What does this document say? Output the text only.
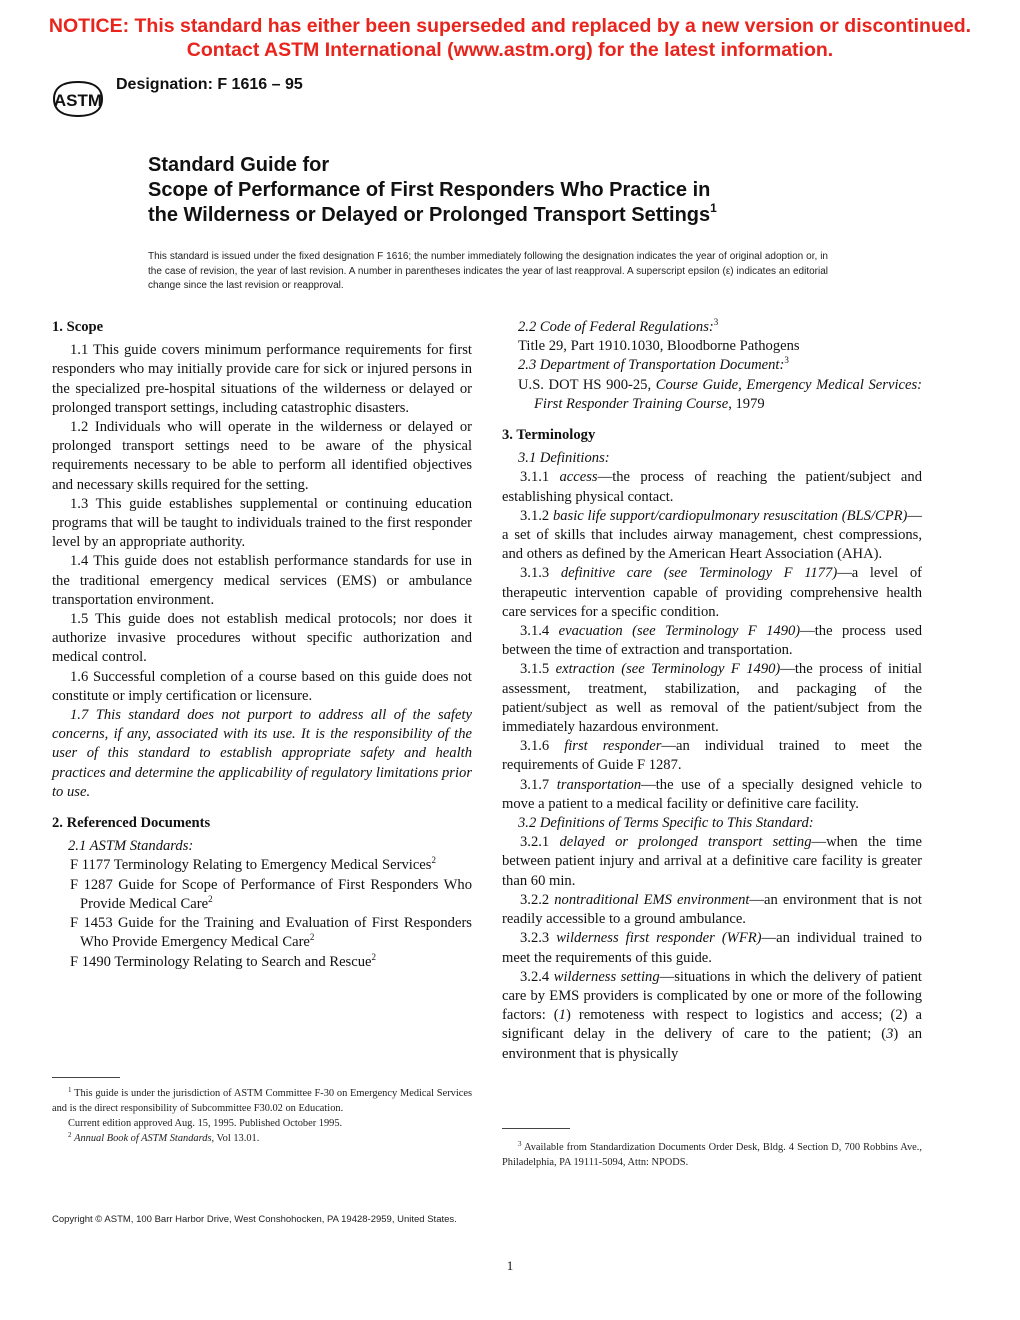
NOTICE: This standard has either been superseded and replaced by a new version or discontinued.
Contact ASTM International (www.astm.org) for the latest information.
ASTM
Designation: F 1616 – 95
Standard Guide for
Scope of Performance of First Responders Who Practice in
the Wilderness or Delayed or Prolonged Transport Settings$^1$
This standard is issued under the fixed designation F 1616; the number immediately following the designation indicates the year of original adoption or, in the case of revision, the year of last revision. A number in parentheses indicates the year of last reapproval. A superscript epsilon (ε) indicates an editorial change since the last revision or reapproval.
1. Scope
1.1 This guide covers minimum performance requirements for first responders who may initially provide care for sick or injured persons in the specialized pre-hospital situations of the wilderness or delayed or prolonged transport settings, including catastrophic disasters.
1.2 Individuals who will operate in the wilderness or delayed or prolonged transport settings need to be aware of the physical requirements necessary to be able to perform all identified objectives and necessary skills required for the setting.
1.3 This guide establishes supplemental or continuing education programs that will be taught to individuals trained to the first responder level by an appropriate authority.
1.4 This guide does not establish performance standards for use in the traditional emergency medical services (EMS) or ambulance transportation environment.
1.5 This guide does not establish medical protocols; nor does it authorize invasive procedures without specific authorization and medical control.
1.6 Successful completion of a course based on this guide does not constitute or imply certification or licensure.
1.7 This standard does not purport to address all of the safety concerns, if any, associated with its use. It is the responsibility of the user of this standard to establish appropriate safety and health practices and determine the applicability of regulatory limitations prior to use.
2. Referenced Documents
2.1 ASTM Standards:
F 1177 Terminology Relating to Emergency Medical Services$^2$
F 1287 Guide for Scope of Performance of First Responders Who Provide Medical Care$^2$
F 1453 Guide for the Training and Evaluation of First Responders Who Provide Emergency Medical Care$^2$
F 1490 Terminology Relating to Search and Rescue$^2$
2.2 Code of Federal Regulations:$^3$
Title 29, Part 1910.1030, Bloodborne Pathogens
2.3 Department of Transportation Document:$^3$
U.S. DOT HS 900-25, Course Guide, Emergency Medical Services: First Responder Training Course, 1979
3. Terminology
3.1 Definitions:
3.1.1 access—the process of reaching the patient/subject and establishing physical contact.
3.1.2 basic life support/cardiopulmonary resuscitation (BLS/CPR)—a set of skills that includes airway management, chest compressions, and others as defined by the American Heart Association (AHA).
3.1.3 definitive care (see Terminology F 1177)—a level of therapeutic intervention capable of providing comprehensive health care services for a specific condition.
3.1.4 evacuation (see Terminology F 1490)—the process used between the time of extraction and transportation.
3.1.5 extraction (see Terminology F 1490)—the process of initial assessment, treatment, stabilization, and packaging of the patient/subject as well as removal of the patient/subject from the immediately hazardous environment.
3.1.6 first responder—an individual trained to meet the requirements of Guide F 1287.
3.1.7 transportation—the use of a specially designed vehicle to move a patient to a medical facility or definitive care facility.
3.2 Definitions of Terms Specific to This Standard:
3.2.1 delayed or prolonged transport setting—when the time between patient injury and arrival at a definitive care facility is greater than 60 min.
3.2.2 nontraditional EMS environment—an environment that is not readily accessible to a ground ambulance.
3.2.3 wilderness first responder (WFR)—an individual trained to meet the requirements of this guide.
3.2.4 wilderness setting—situations in which the delivery of patient care by EMS providers is complicated by one or more of the following factors: (1) remoteness with respect to logistics and access; (2) a significant delay in the delivery of care to the patient; (3) an environment that is physically
$^1$ This guide is under the jurisdiction of ASTM Committee F-30 on Emergency Medical Services and is the direct responsibility of Subcommittee F30.02 on Education.
Current edition approved Aug. 15, 1995. Published October 1995.
$^2$ Annual Book of ASTM Standards, Vol 13.01.	$^3$ Available from Standardization Documents Order Desk, Bldg. 4 Section D, 700 Robbins Ave., Philadelphia, PA 19111-5094, Attn: NPODS.
Copyright © ASTM, 100 Barr Harbor Drive, West Conshohocken, PA 19428-2959, United States.
1
